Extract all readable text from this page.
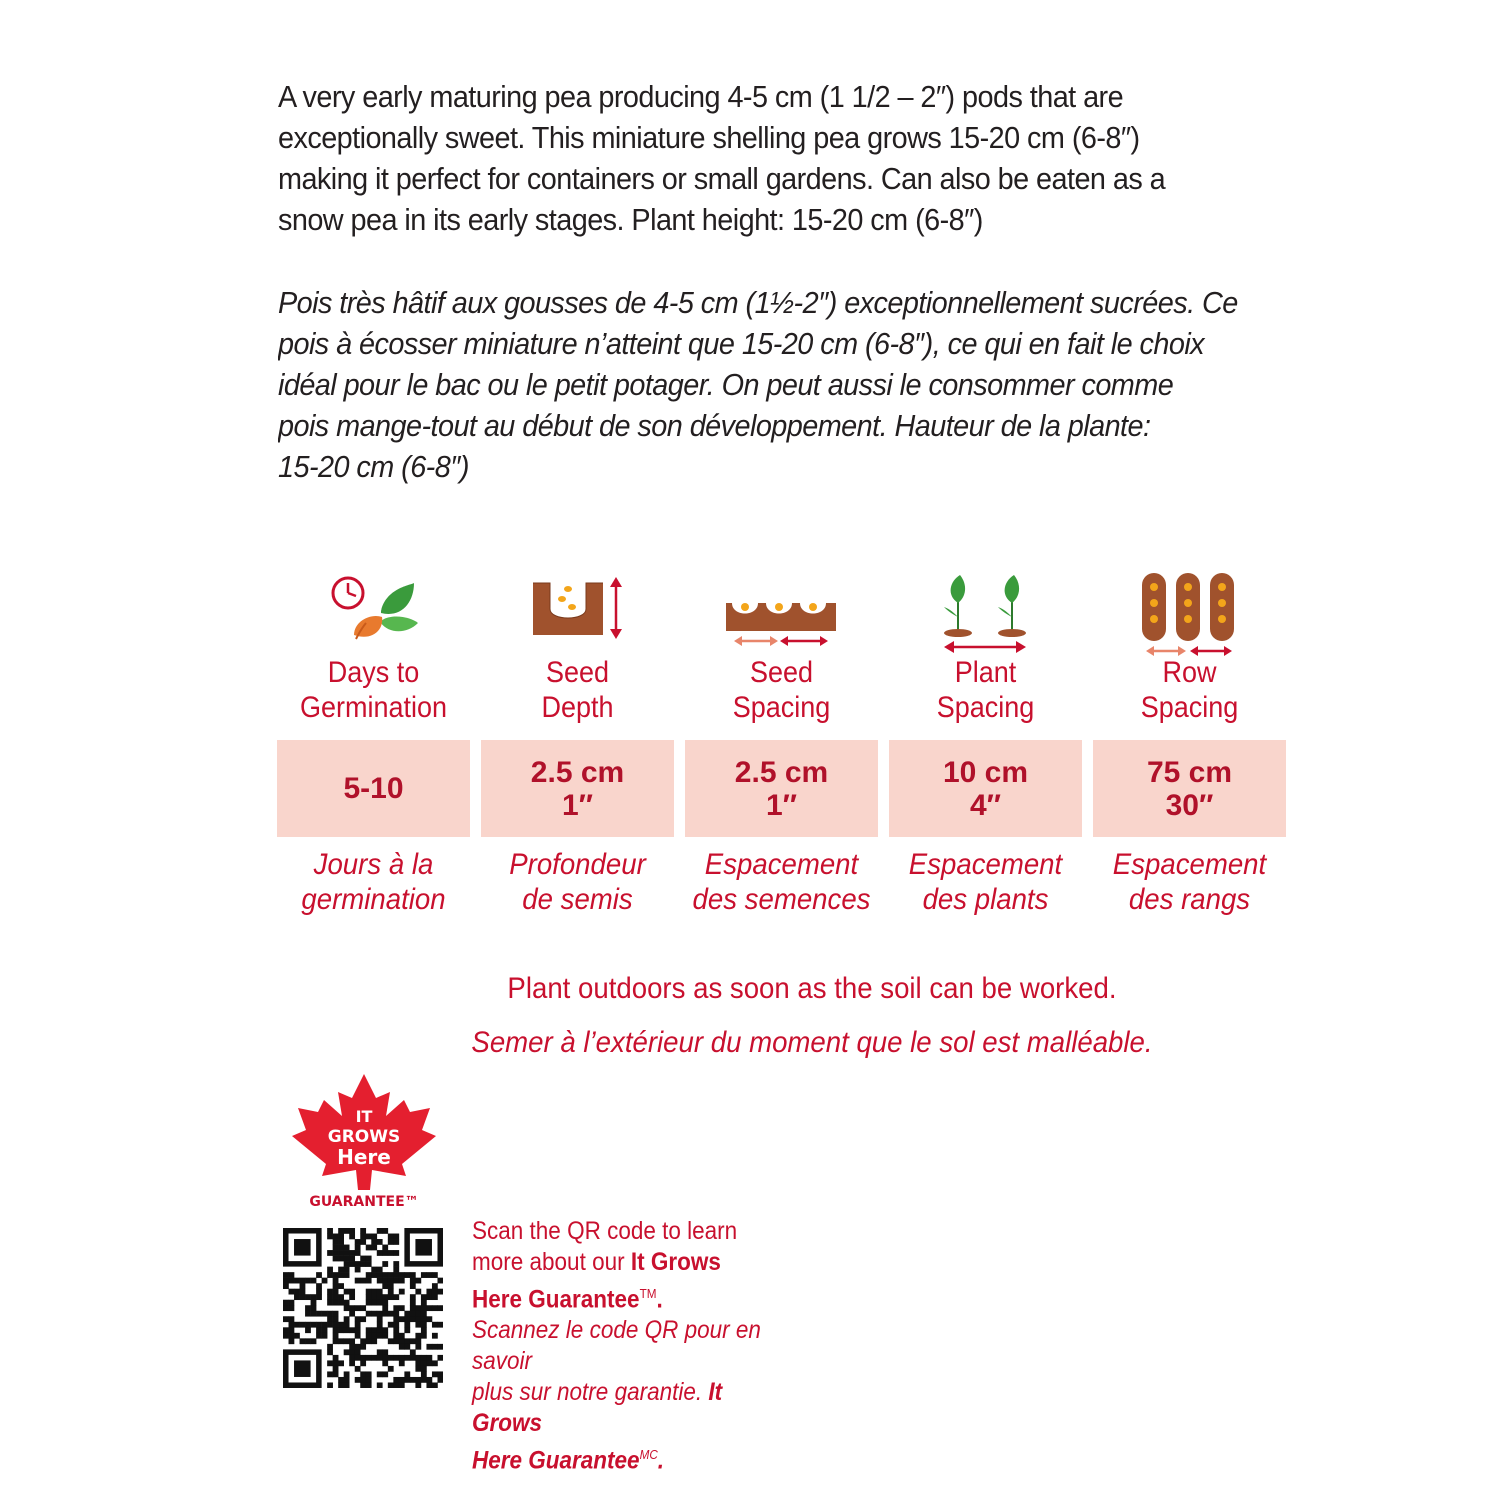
A very early maturing pea producing 4-5 cm (1 1/2 – 2″) pods that are
exceptionally sweet. This miniature shelling pea grows 15-20 cm (6-8″)
making it perfect for containers or small gardens. Can also be eaten as a
snow pea in its early stages. Plant height: 15-20 cm (6-8″)

Pois très hâtif aux gousses de 4-5 cm (1½-2″) exceptionnellement sucrées. Ce
pois à écosser miniature n’atteint que 15-20 cm (6-8″), ce qui en fait le choix
idéal pour le bac ou le petit potager. On peut aussi le consommer comme
pois mange-tout au début de son développement. Hauteur de la plante:
15-20 cm (6-8″)

Days to
Germination
5-10
Jours à la
germination
Seed
Depth
2.5 cm
1″
Profondeur
de semis
Seed
Spacing
2.5 cm
1″
Espacement
des semences
Plant
Spacing
10 cm
4″
Espacement
des plants
Row
Spacing
75 cm
30″
Espacement
des rangs
Plant outdoors as soon as the soil can be worked.
Semer à l’extérieur du moment que le sol est malléable.
IT
GROWS
Here
GUARANTEE™
Scan the QR code to learn
more about our It Grows
Here Guarantee™.
Scannez le code QR pour en savoir
plus sur notre garantie. It Grows
Here Guarantee$^{MC}$.
